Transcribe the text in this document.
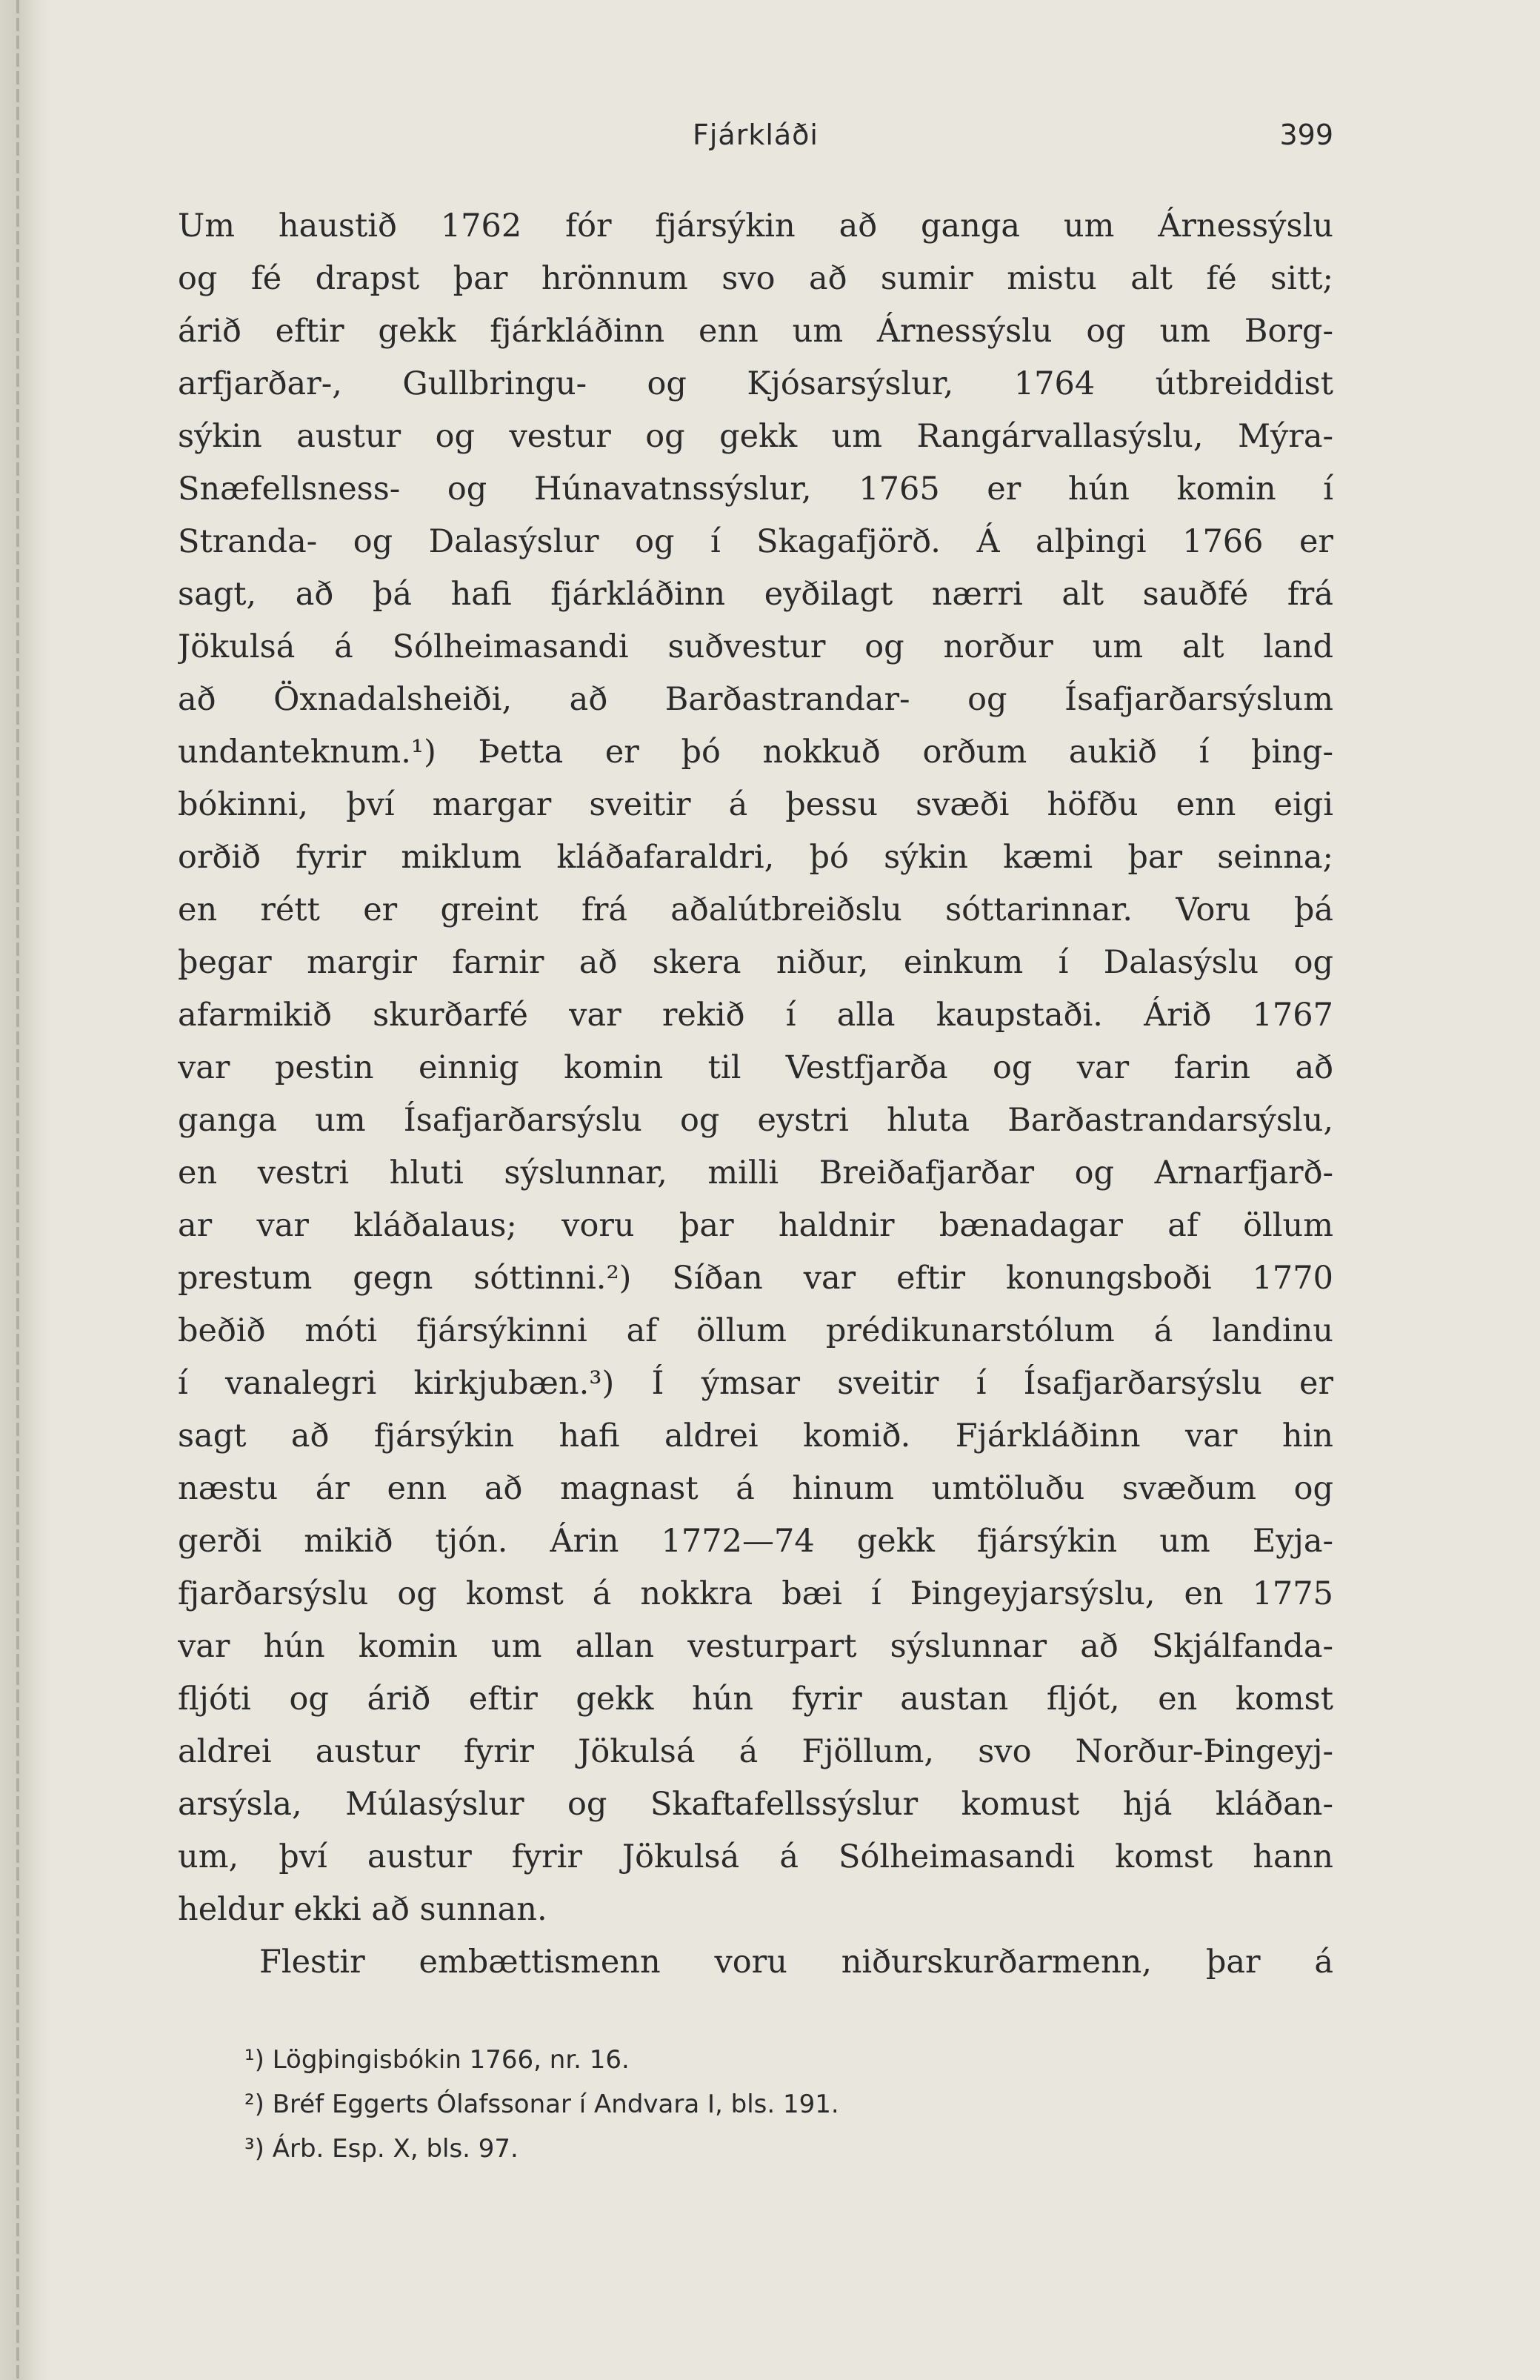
Fjárkláði	399
Um haustið 1762 fór fjársýkin að ganga um Árnessýslu
og fé drapst þar hrönnum svo að sumir mistu alt fé sitt;
árið eftir gekk fjárkláðinn enn um Árnessýslu og um Borg-
arfjarðar-, Gullbringu- og Kjósarsýslur, 1764 útbreiddist
sýkin austur og vestur og gekk um Rangárvallasýslu, Mýra-
Snæfellsness- og Húnavatnssýslur, 1765 er hún komin í
Stranda- og Dalasýslur og í Skagafjörð. Á alþingi 1766 er
sagt, að þá hafi fjárkláðinn eyðilagt nærri alt sauðfé frá
Jökulsá á Sólheimasandi suðvestur og norður um alt land
að Öxnadalsheiði, að Barðastrandar- og Ísafjarðarsýslum
undanteknum.¹) Þetta er þó nokkuð orðum aukið í þing-
bókinni, því margar sveitir á þessu svæði höfðu enn eigi
orðið fyrir miklum kláðafaraldri, þó sýkin kæmi þar seinna;
en rétt er greint frá aðalútbreiðslu sóttarinnar. Voru þá
þegar margir farnir að skera niður, einkum í Dalasýslu og
afarmikið skurðarfé var rekið í alla kaupstaði. Árið 1767
var pestin einnig komin til Vestfjarða og var farin að
ganga um Ísafjarðarsýslu og eystri hluta Barðastrandarsýslu,
en vestri hluti sýslunnar, milli Breiðafjarðar og Arnarfjarð-
ar var kláðalaus; voru þar haldnir bænadagar af öllum
prestum gegn sóttinni.²) Síðan var eftir konungsboði 1770
beðið móti fjársýkinni af öllum prédikunarstólum á landinu
í vanalegri kirkjubæn.³) Í ýmsar sveitir í Ísafjarðarsýslu er
sagt að fjársýkin hafi aldrei komið. Fjárkláðinn var hin
næstu ár enn að magnast á hinum umtöluðu svæðum og
gerði mikið tjón. Árin 1772—74 gekk fjársýkin um Eyja-
fjarðarsýslu og komst á nokkra bæi í Þingeyjarsýslu, en 1775
var hún komin um allan vesturpart sýslunnar að Skjálfanda-
fljóti og árið eftir gekk hún fyrir austan fljót, en komst
aldrei austur fyrir Jökulsá á Fjöllum, svo Norður-Þingeyj-
arsýsla, Múlasýslur og Skaftafellssýslur komust hjá kláðan-
um, því austur fyrir Jökulsá á Sólheimasandi komst hann
heldur ekki að sunnan.
Flestir embættismenn voru niðurskurðarmenn, þar á
¹) Lögþingisbókin 1766, nr. 16.
²) Bréf Eggerts Ólafssonar í Andvara I, bls. 191.
³) Árb. Esp. X, bls. 97.
